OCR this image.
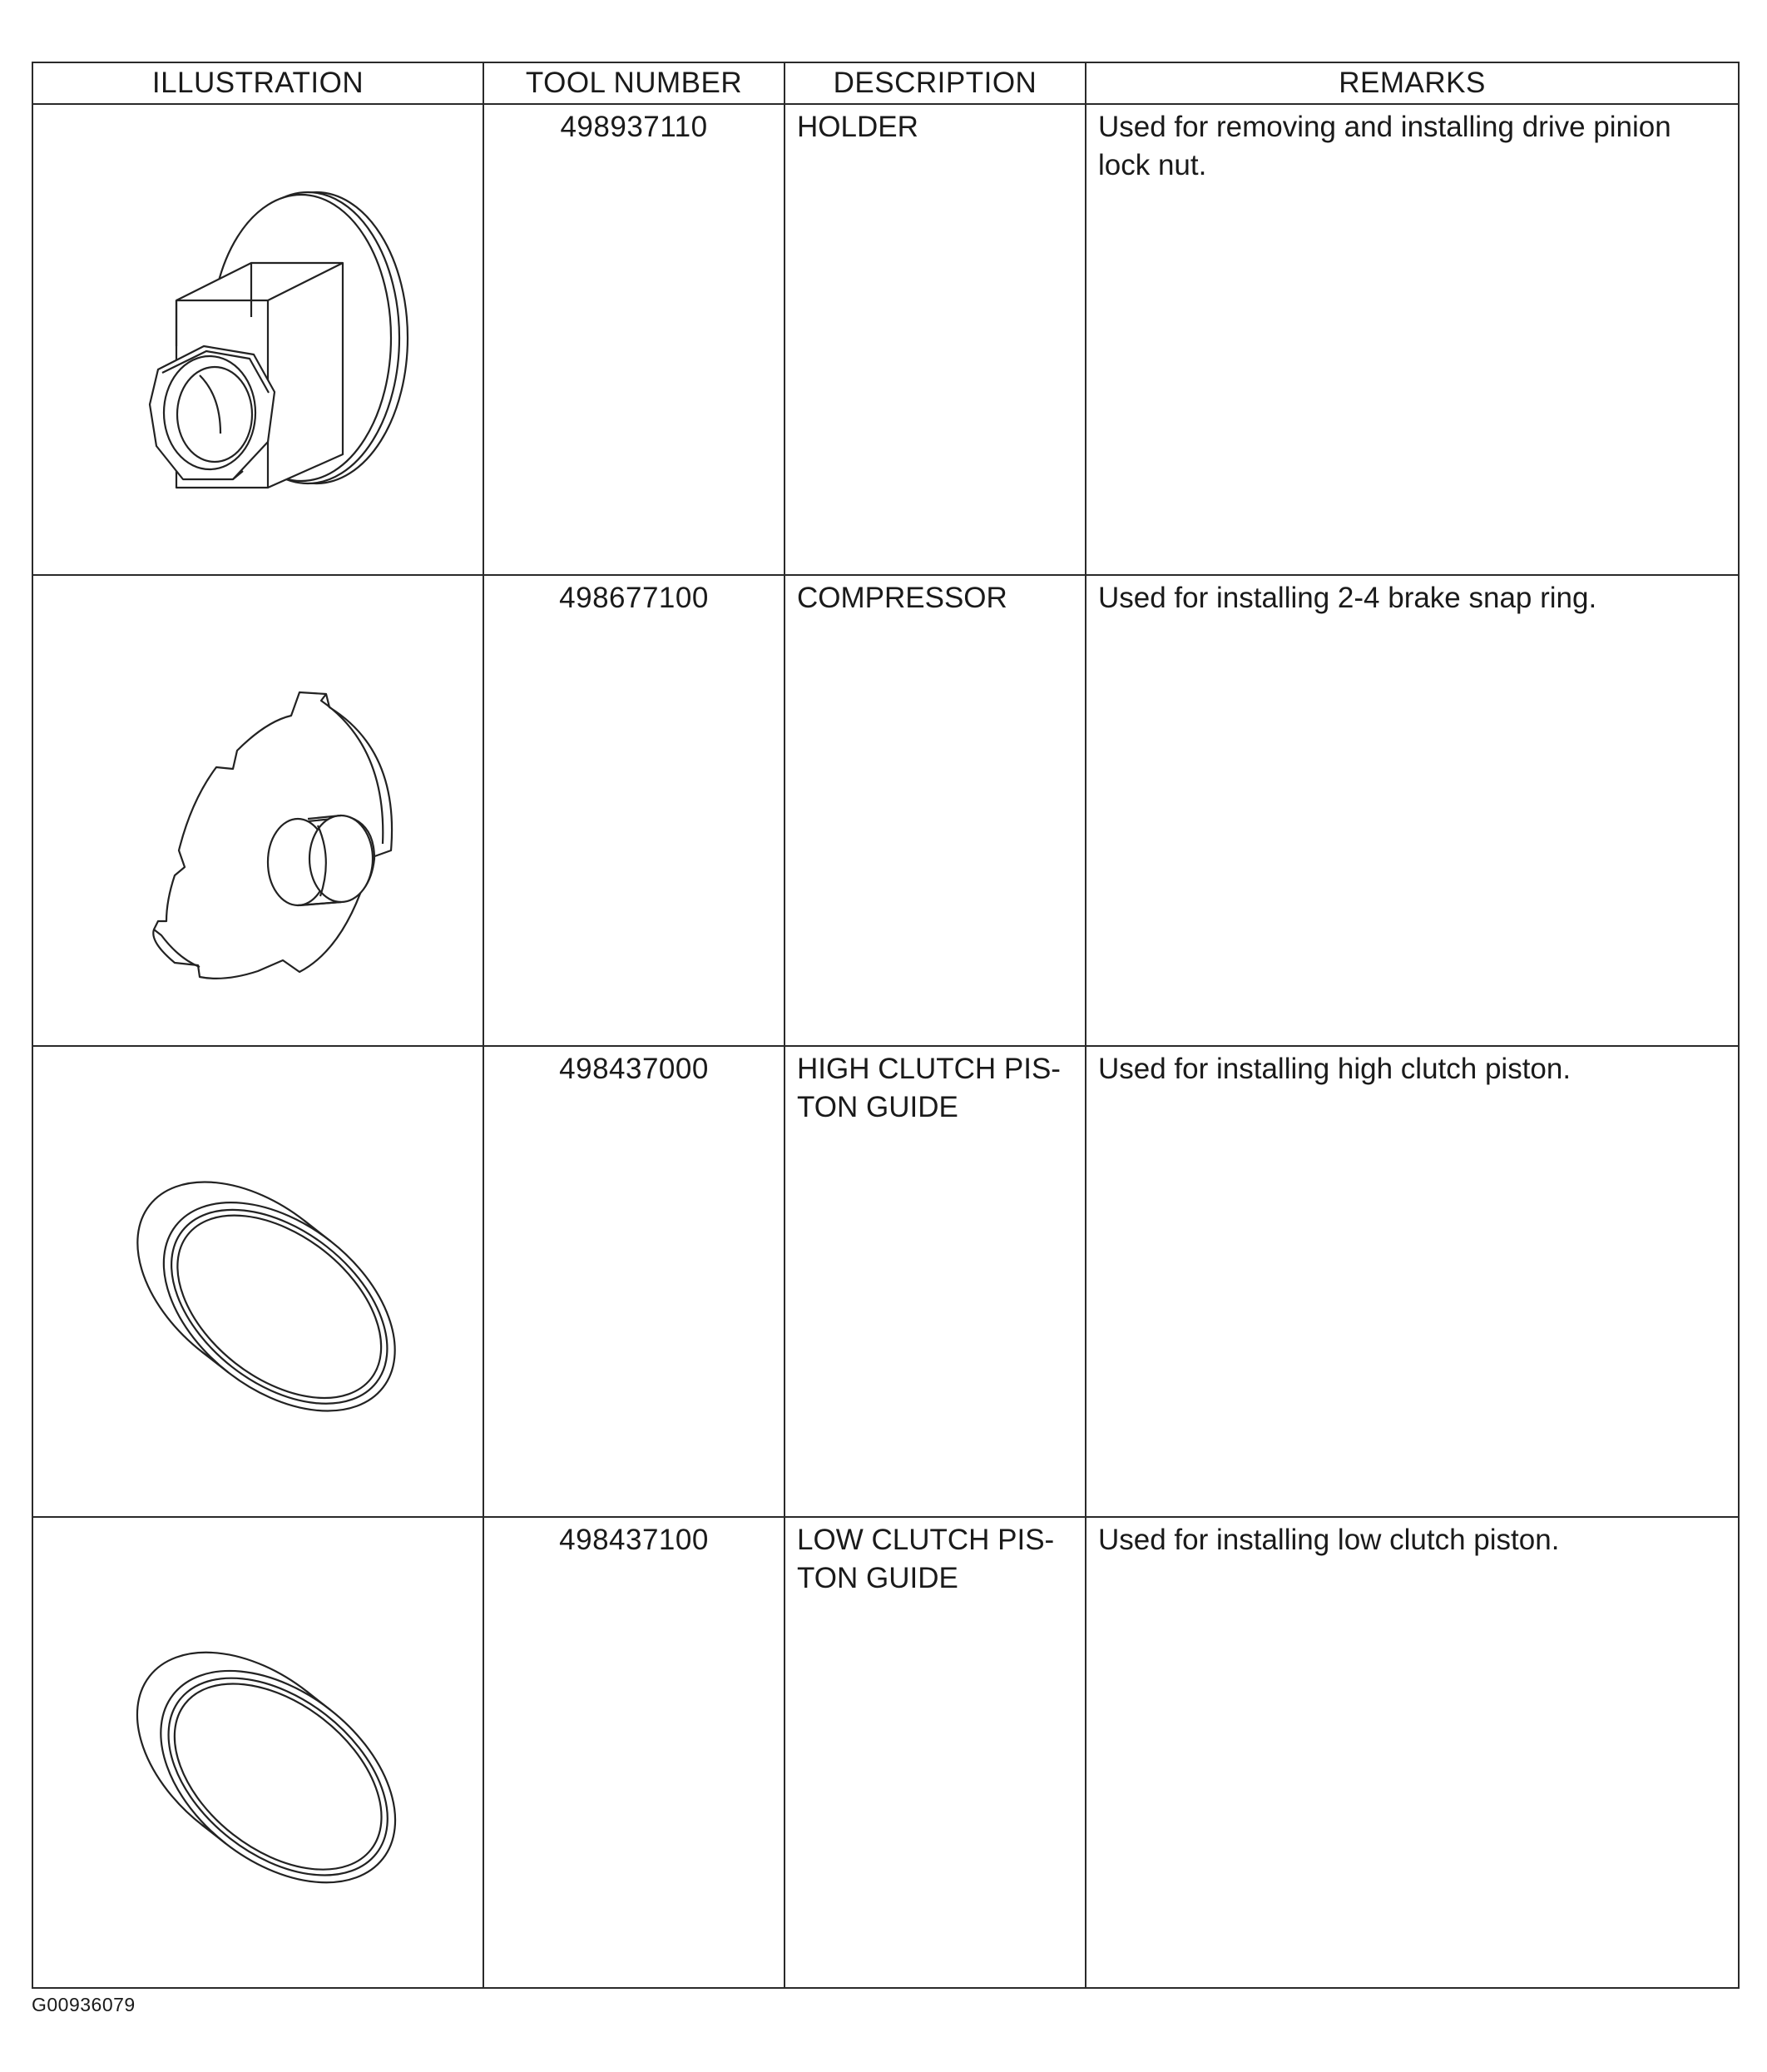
ILLUSTRATION	TOOL NUMBER	DESCRIPTION	REMARKS

	498937110	HOLDER	Used for removing and installing drive pinion lock nut.

	498677100	COMPRESSOR	Used for installing 2-4 brake snap ring.

	498437000	HIGH CLUTCH PIS-TON GUIDE	Used for installing high clutch piston.

	498437100	LOW CLUTCH PIS-TON GUIDE	Used for installing low clutch piston.
G00936079
